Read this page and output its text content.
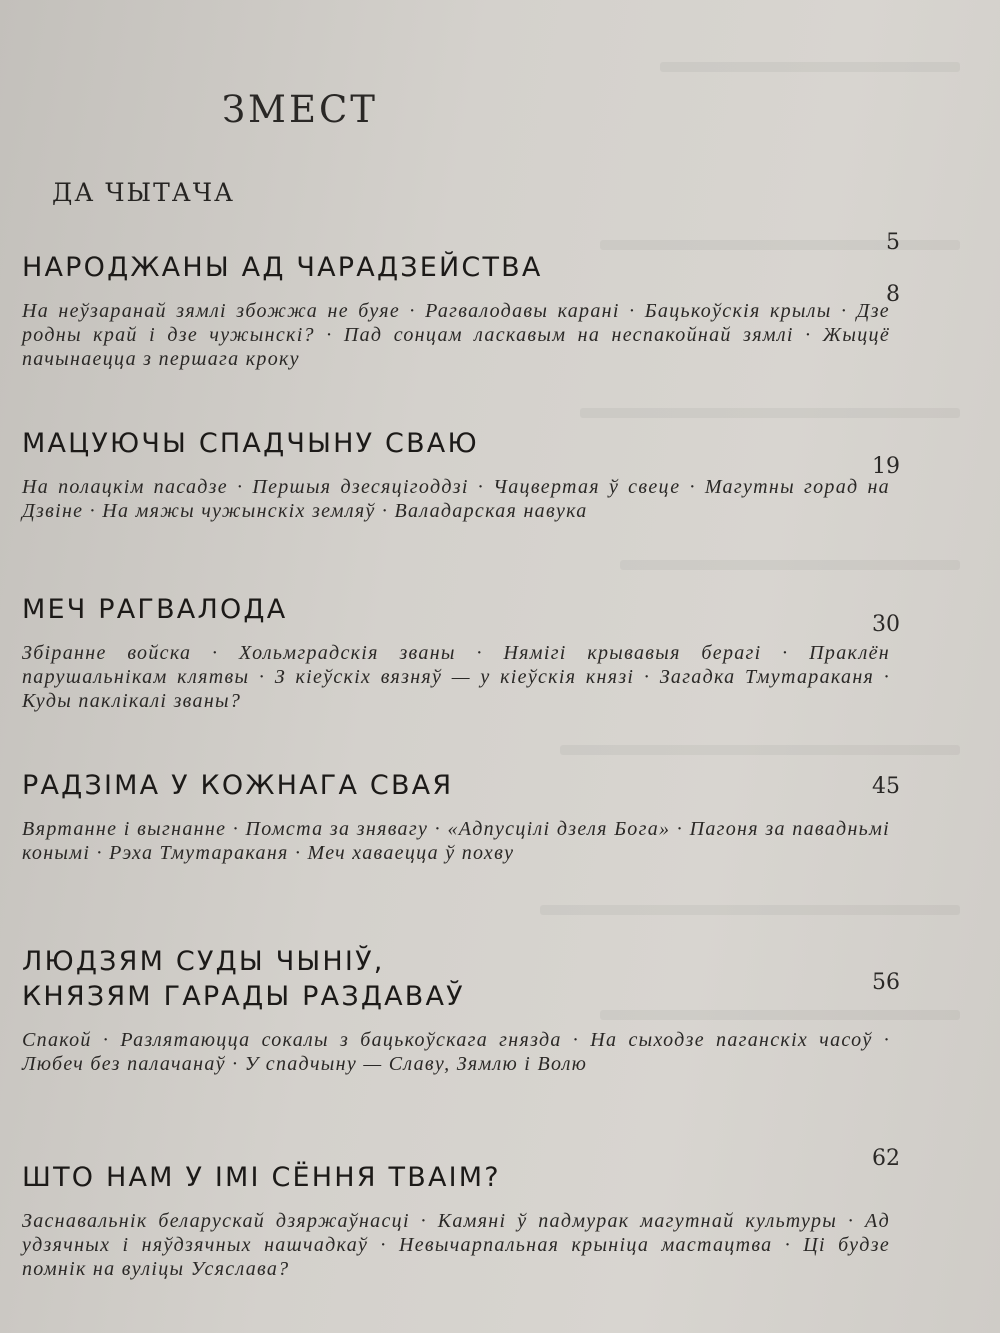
ЗМЕСТ
ДА ЧЫТАЧА
5
НАРОДЖАНЫ АД ЧАРАДЗЕЙСТВА
На неўзаранай зямлі збожжа не буяе · Рагвалодавы карані · Бацькоўскія крылы · Дзе родны край і дзе чужынскі? · Пад сонцам ласкавым на неспакойнай зямлі · Жыццё пачынаецца з першага кроку
8
МАЦУЮЧЫ СПАДЧЫНУ СВАЮ
На полацкім пасадзе · Першыя дзесяцігоддзі · Чацвертая ў свеце · Магутны горад на Дзвіне · На мяжы чужынскіх земляў · Валадарская навука
19
МЕЧ РАГВАЛОДА
Збіранне войска · Хольмградскія званы · Нямігі крывавыя берагі · Праклён парушальнікам клятвы · З кіеўскіх вязняў — у кіеўскія князі · Загадка Тмутараканя · Куды паклікалі званы?
30
РАДЗІМА У КОЖНАГА СВАЯ
Вяртанне і выгнанне · Помста за знявагу · «Адпусцілі дзеля Бога» · Пагоня за павадньмі конымі · Рэха Тмутараканя · Меч хаваецца ў похву
45
ЛЮДЗЯМ СУДЫ ЧЫНІЎ,
КНЯЗЯМ ГАРАДЫ РАЗДАВАЎ
Спакой · Разлятаюцца сокалы з бацькоўскага гнязда · На сыходзе паганскіх часоў · Любеч без палачанаў · У спадчыну — Славу, Зямлю і Волю
56
ШТО НАМ У ІМІ СЁННЯ ТВАІМ?
Заснавальнік беларускай дзяржаўнасці · Камяні ў падмурак магутнай культуры · Ад удзячных і няўдзячных нашчадкаў · Невычарпальная крыніца мастацтва · Ці будзе помнік на вуліцы Усяслава?
62
